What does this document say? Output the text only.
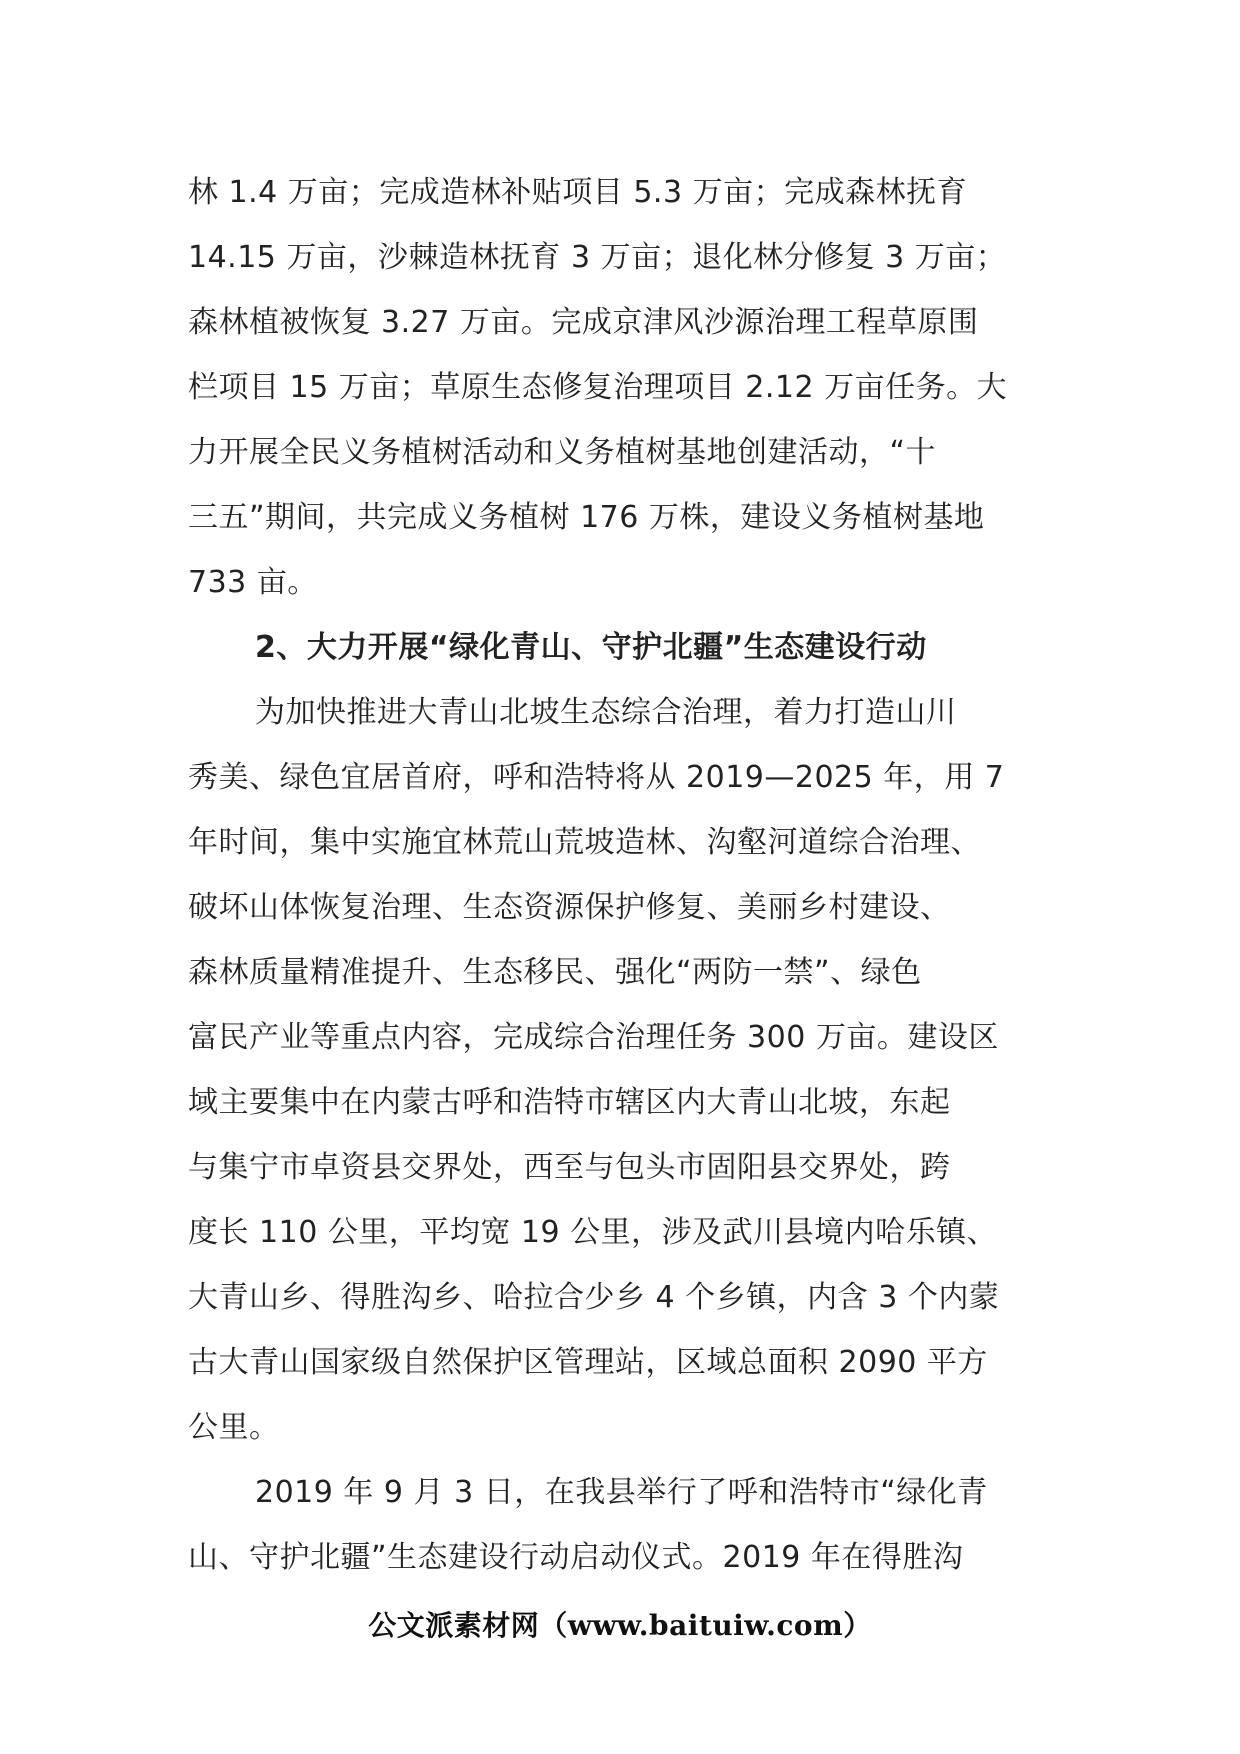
林 1.4 万亩；完成造林补贴项目 5.3 万亩；完成森林抚育
14.15 万亩，沙棘造林抚育 3 万亩；退化林分修复 3 万亩；
森林植被恢复 3.27 万亩。完成京津风沙源治理工程草原围
栏项目 15 万亩；草原生态修复治理项目 2.12 万亩任务。大
力开展全民义务植树活动和义务植树基地创建活动，“十
三五”期间，共完成义务植树 176 万株，建设义务植树基地
733 亩。
2、大力开展“绿化青山、守护北疆”生态建设行动
为加快推进大青山北坡生态综合治理，着力打造山川
秀美、绿色宜居首府，呼和浩特将从 2019—2025 年，用 7
年时间，集中实施宜林荒山荒坡造林、沟壑河道综合治理、
破坏山体恢复治理、生态资源保护修复、美丽乡村建设、
森林质量精准提升、生态移民、强化“两防一禁”、绿色
富民产业等重点内容，完成综合治理任务 300 万亩。建设区
域主要集中在内蒙古呼和浩特市辖区内大青山北坡，东起
与集宁市卓资县交界处，西至与包头市固阳县交界处，跨
度长 110 公里，平均宽 19 公里，涉及武川县境内哈乐镇、
大青山乡、得胜沟乡、哈拉合少乡 4 个乡镇，内含 3 个内蒙
古大青山国家级自然保护区管理站，区域总面积 2090 平方
公里。
2019 年 9 月 3 日，在我县举行了呼和浩特市“绿化青
山、守护北疆”生态建设行动启动仪式。2019 年在得胜沟
公文派素材网（www.baituiw.com）
